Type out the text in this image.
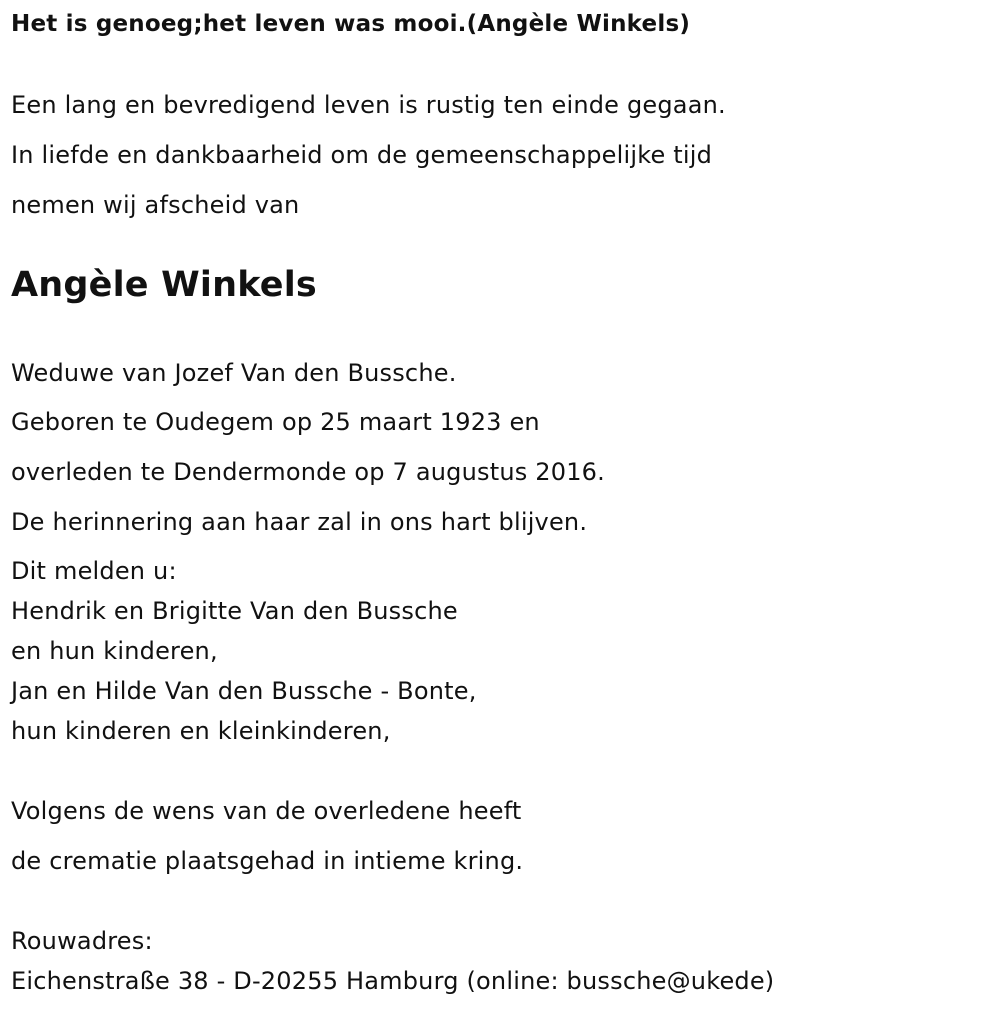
Het is genoeg;het leven was mooi.(Angèle Winkels)
Een lang en bevredigend leven is rustig ten einde gegaan.
In liefde en dankbaarheid om de gemeenschappelijke tijd
nemen wij afscheid van
Angèle Winkels
Weduwe van Jozef Van den Bussche.
Geboren te Oudegem op 25 maart 1923 en
overleden te Dendermonde op 7 augustus 2016.
De herinnering aan haar zal in ons hart blijven.
Dit melden u:
Hendrik en Brigitte Van den Bussche
en hun kinderen,
Jan en Hilde Van den Bussche - Bonte,
hun kinderen en kleinkinderen,
Volgens de wens van de overledene heeft
de crematie plaatsgehad in intieme kring.
Rouwadres:
Eichenstraße 38 - D-20255 Hamburg (online: bussche@ukede)
